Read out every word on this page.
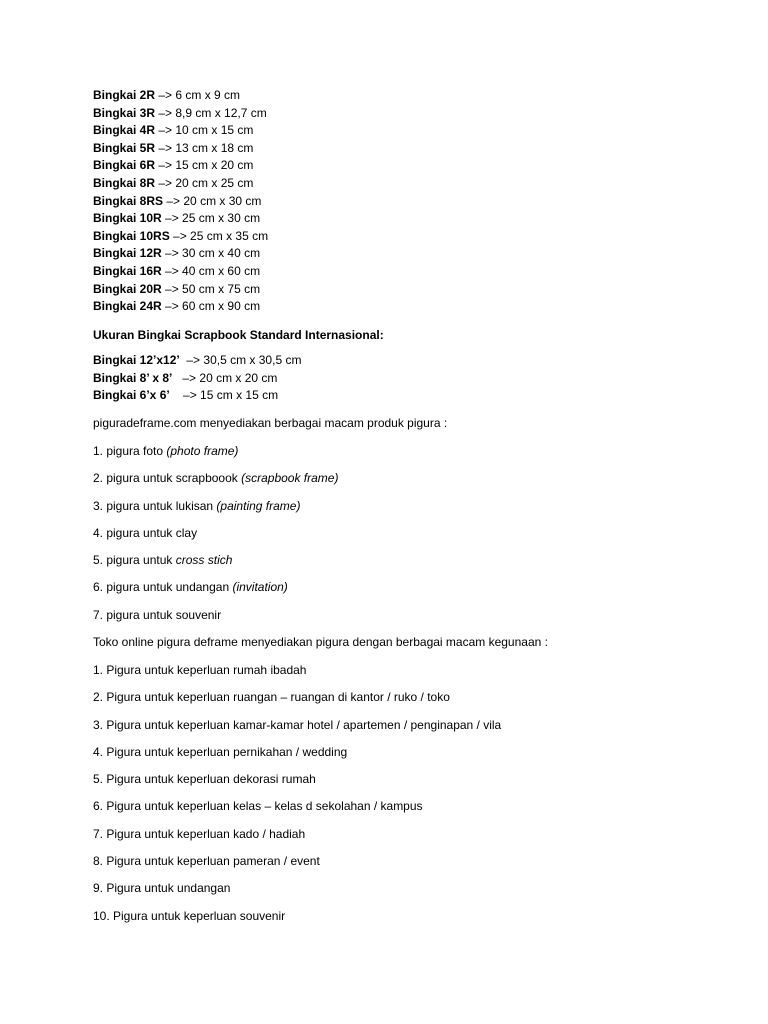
Bingkai 2R –> 6 cm x 9 cm
Bingkai 3R –> 8,9 cm x 12,7 cm
Bingkai 4R –> 10 cm x 15 cm
Bingkai 5R –> 13 cm x 18 cm
Bingkai 6R –> 15 cm x 20 cm
Bingkai 8R –> 20 cm x 25 cm
Bingkai 8RS –> 20 cm x 30 cm
Bingkai 10R –> 25 cm x 30 cm
Bingkai 10RS –> 25 cm x 35 cm
Bingkai 12R –> 30 cm x 40 cm
Bingkai 16R –> 40 cm x 60 cm
Bingkai 20R –> 50 cm x 75 cm
Bingkai 24R –> 60 cm x 90 cm
Ukuran Bingkai Scrapbook Standard Internasional:
Bingkai 12’x12’  –> 30,5 cm x 30,5 cm
Bingkai 8’ x 8’   –> 20 cm x 20 cm
Bingkai 6’x 6’    –> 15 cm x 15 cm
piguradeframe.com menyediakan berbagai macam produk pigura :
1. pigura foto (photo frame)
2. pigura untuk scrapboook (scrapbook frame)
3. pigura untuk lukisan (painting frame)
4. pigura untuk clay
5. pigura untuk cross stich
6. pigura untuk undangan (invitation)
7. pigura untuk souvenir
Toko online pigura deframe menyediakan pigura dengan berbagai macam kegunaan :
1. Pigura untuk keperluan rumah ibadah
2. Pigura untuk keperluan ruangan – ruangan di kantor / ruko / toko
3. Pigura untuk keperluan kamar-kamar hotel / apartemen / penginapan / vila
4. Pigura untuk keperluan pernikahan / wedding
5. Pigura untuk keperluan dekorasi rumah
6. Pigura untuk keperluan kelas – kelas d sekolahan / kampus
7. Pigura untuk keperluan kado / hadiah
8. Pigura untuk keperluan pameran / event
9. Pigura untuk undangan
10. Pigura untuk keperluan souvenir
